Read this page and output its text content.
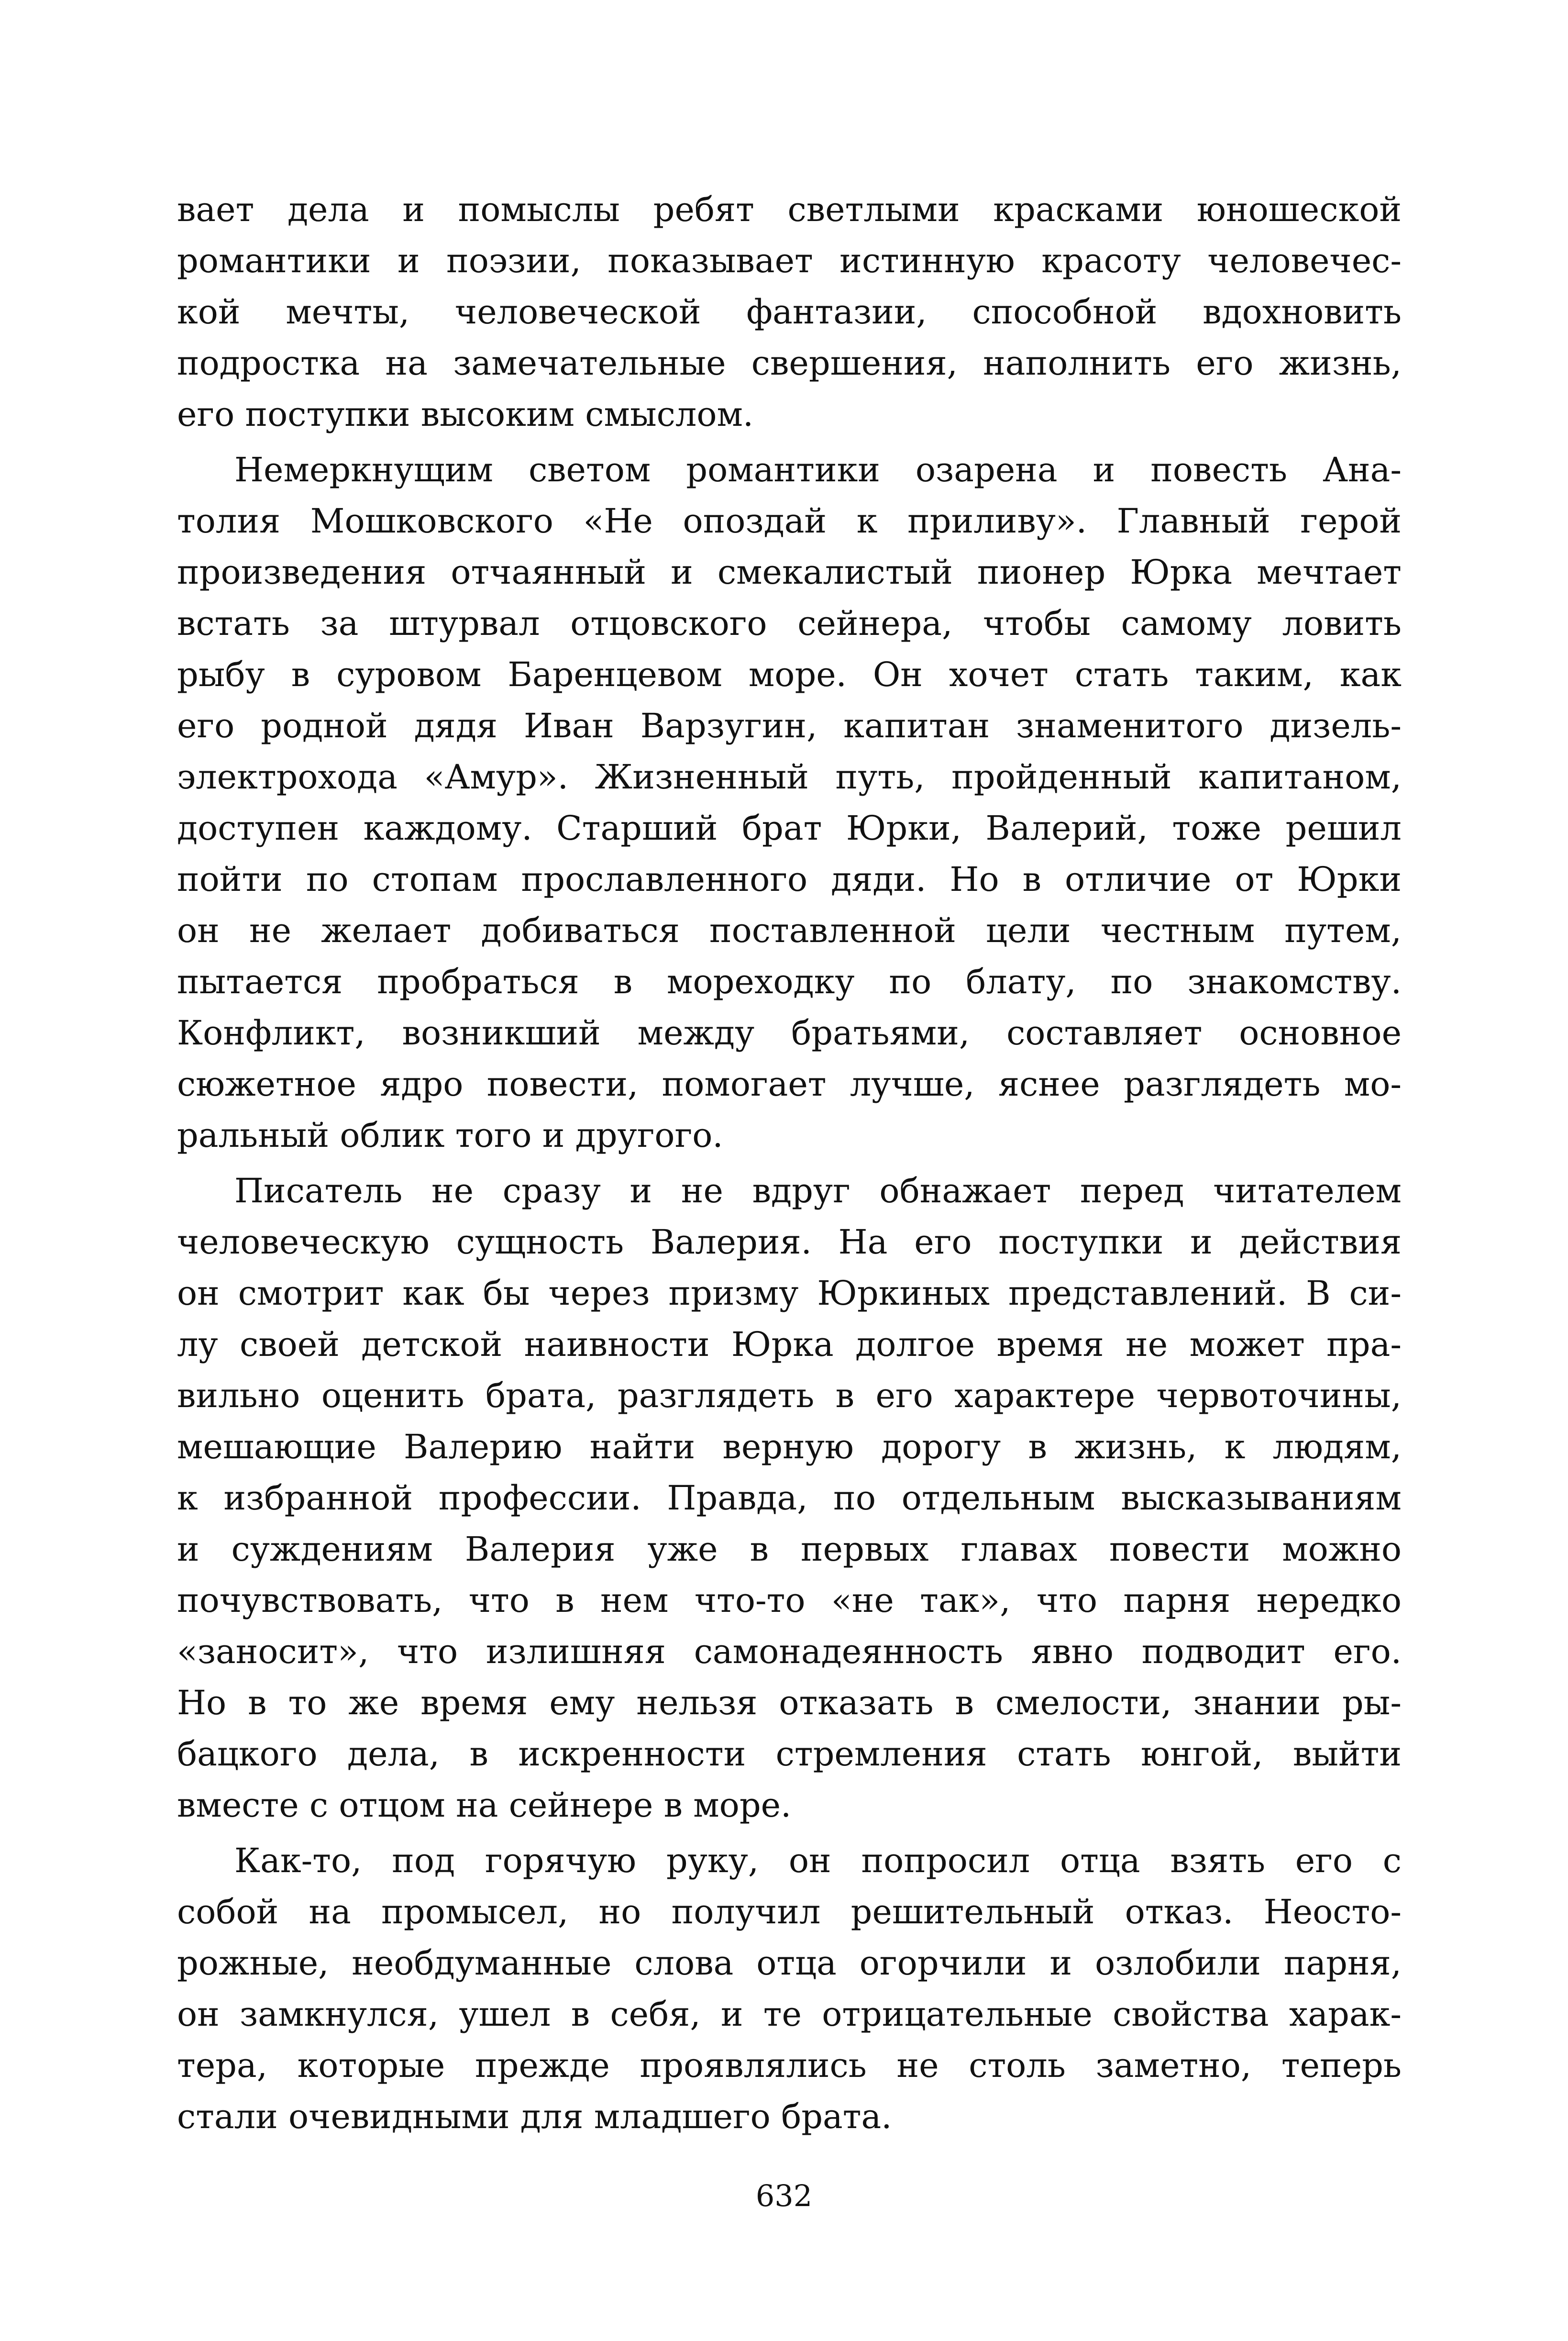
вает дела и помыслы ребят светлыми красками юношеской
романтики и поэзии, показывает истинную красоту человечес-
кой мечты, человеческой фантазии, способной вдохновить
подростка на замечательные свершения, наполнить его жизнь,
его поступки высоким смыслом.
Немеркнущим светом романтики озарена и повесть Ана-
толия Мошковского «Не опоздай к приливу». Главный герой
произведения отчаянный и смекалистый пионер Юрка мечтает
встать за штурвал отцовского сейнера, чтобы самому ловить
рыбу в суровом Баренцевом море. Он хочет стать таким, как
его родной дядя Иван Варзугин, капитан знаменитого дизель-
электрохода «Амур». Жизненный путь, пройденный капитаном,
доступен каждому. Старший брат Юрки, Валерий, тоже решил
пойти по стопам прославленного дяди. Но в отличие от Юрки
он не желает добиваться поставленной цели честным путем,
пытается пробраться в мореходку по блату, по знакомству.
Конфликт, возникший между братьями, составляет основное
сюжетное ядро повести, помогает лучше, яснее разглядеть мо-
ральный облик того и другого.
Писатель не сразу и не вдруг обнажает перед читателем
человеческую сущность Валерия. На его поступки и действия
он смотрит как бы через призму Юркиных представлений. В си-
лу своей детской наивности Юрка долгое время не может пра-
вильно оценить брата, разглядеть в его характере червоточины,
мешающие Валерию найти верную дорогу в жизнь, к людям,
к избранной профессии. Правда, по отдельным высказываниям
и суждениям Валерия уже в первых главах повести можно
почувствовать, что в нем что-то «не так», что парня нередко
«заносит», что излишняя самонадеянность явно подводит его.
Но в то же время ему нельзя отказать в смелости, знании ры-
бацкого дела, в искренности стремления стать юнгой, выйти
вместе с отцом на сейнере в море.
Как-то, под горячую руку, он попросил отца взять его с
собой на промысел, но получил решительный отказ. Неосто-
рожные, необдуманные слова отца огорчили и озлобили парня,
он замкнулся, ушел в себя, и те отрицательные свойства харак-
тера, которые прежде проявлялись не столь заметно, теперь
стали очевидными для младшего брата.
632
